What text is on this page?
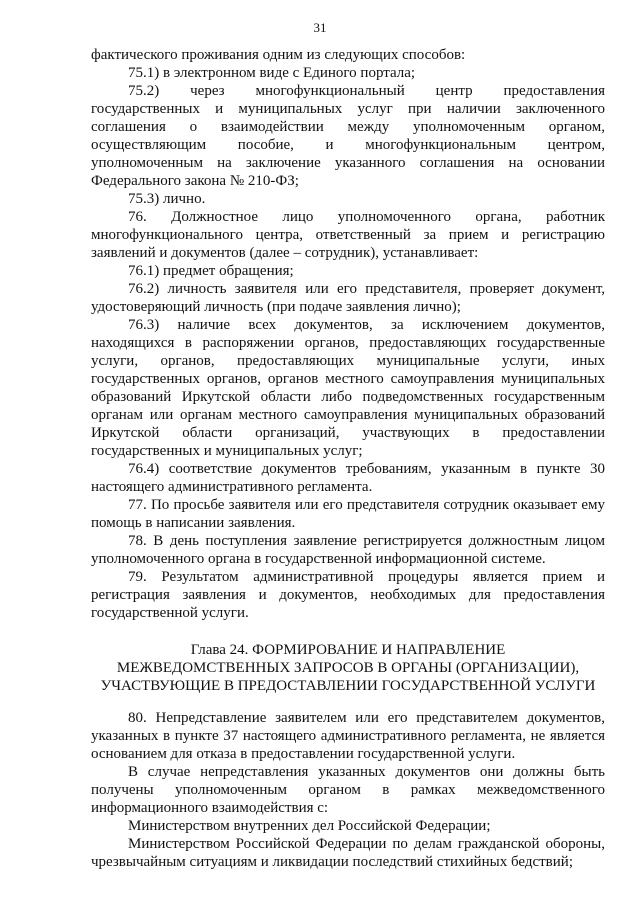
31

фактического проживания одним из следующих способов:

75.1) в электронном виде с Единого портала;

75.2) через многофункциональный центр предоставления государственных и муниципальных услуг при наличии заключенного соглашения о взаимодействии между уполномоченным органом, осуществляющим пособие, и многофункциональным центром, уполномоченным на заключение указанного соглашения на основании Федерального закона № 210-ФЗ;

75.3) лично.

76. Должностное лицо уполномоченного органа, работник многофункционального центра, ответственный за прием и регистрацию заявлений и документов (далее – сотрудник), устанавливает:

76.1) предмет обращения;

76.2) личность заявителя или его представителя, проверяет документ, удостоверяющий личность (при подаче заявления лично);

76.3) наличие всех документов, за исключением документов, находящихся в распоряжении органов, предоставляющих государственные услуги, органов, предоставляющих муниципальные услуги, иных государственных органов, органов местного самоуправления муниципальных образований Иркутской области либо подведомственных государственным органам или органам местного самоуправления муниципальных образований Иркутской области организаций, участвующих в предоставлении государственных и муниципальных услуг;

76.4) соответствие документов требованиям, указанным в пункте 30 настоящего административного регламента.

77. По просьбе заявителя или его представителя сотрудник оказывает ему помощь в написании заявления.

78. В день поступления заявление регистрируется должностным лицом уполномоченного органа в государственной информационной системе.

79. Результатом административной процедуры является прием и регистрация заявления и документов, необходимых для предоставления государственной услуги.

Глава 24. ФОРМИРОВАНИЕ И НАПРАВЛЕНИЕ
МЕЖВЕДОМСТВЕННЫХ ЗАПРОСОВ В ОРГАНЫ (ОРГАНИЗАЦИИ),
УЧАСТВУЮЩИЕ В ПРЕДОСТАВЛЕНИИ ГОСУДАРСТВЕННОЙ УСЛУГИ

80. Непредставление заявителем или его представителем документов, указанных в пункте 37 настоящего административного регламента, не является основанием для отказа в предоставлении государственной услуги.

В случае непредставления указанных документов они должны быть получены уполномоченным органом в рамках межведомственного информационного взаимодействия с:

Министерством внутренних дел Российской Федерации;

Министерством Российской Федерации по делам гражданской обороны, чрезвычайным ситуациям и ликвидации последствий стихийных бедствий;
